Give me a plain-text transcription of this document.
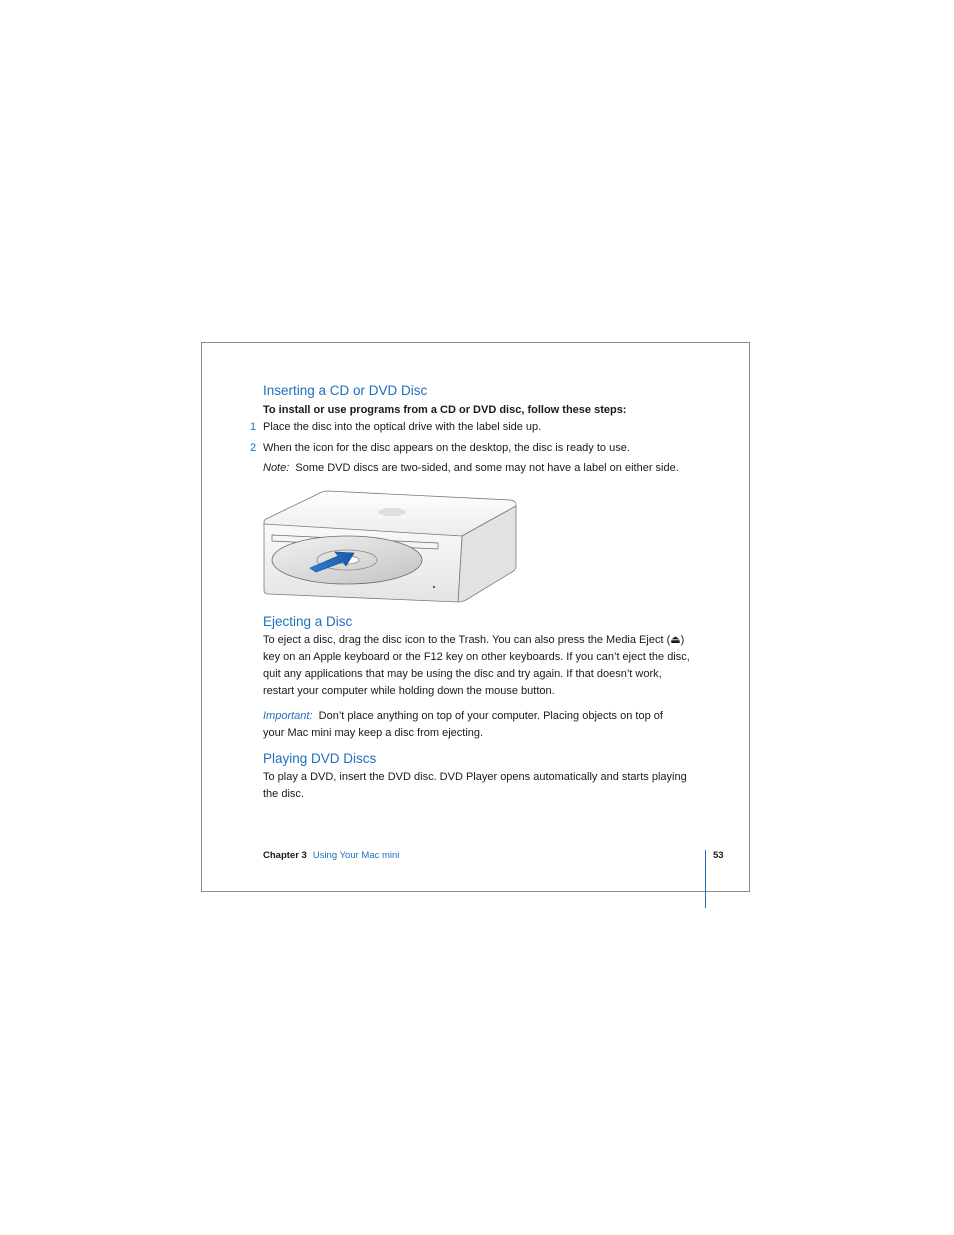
Inserting a CD or DVD Disc

To install or use programs from a CD or DVD disc, follow these steps:

1 Place the disc into the optical drive with the label side up.

2 When the icon for the disc appears on the desktop, the disc is ready to use.

Note: Some DVD discs are two-sided, and some may not have a label on either side.

Ejecting a Disc

To eject a disc, drag the disc icon to the Trash. You can also press the Media Eject (⏏)

key on an Apple keyboard or the F12 key on other keyboards. If you can’t eject the disc,

quit any applications that may be using the disc and try again. If that doesn’t work,

restart your computer while holding down the mouse button.

Important: Don’t place anything on top of your computer. Placing objects on top of

your Mac mini may keep a disc from ejecting.

Playing DVD Discs

To play a DVD, insert the DVD disc. DVD Player opens automatically and starts playing

the disc.

Chapter 3 Using Your Mac mini	53
